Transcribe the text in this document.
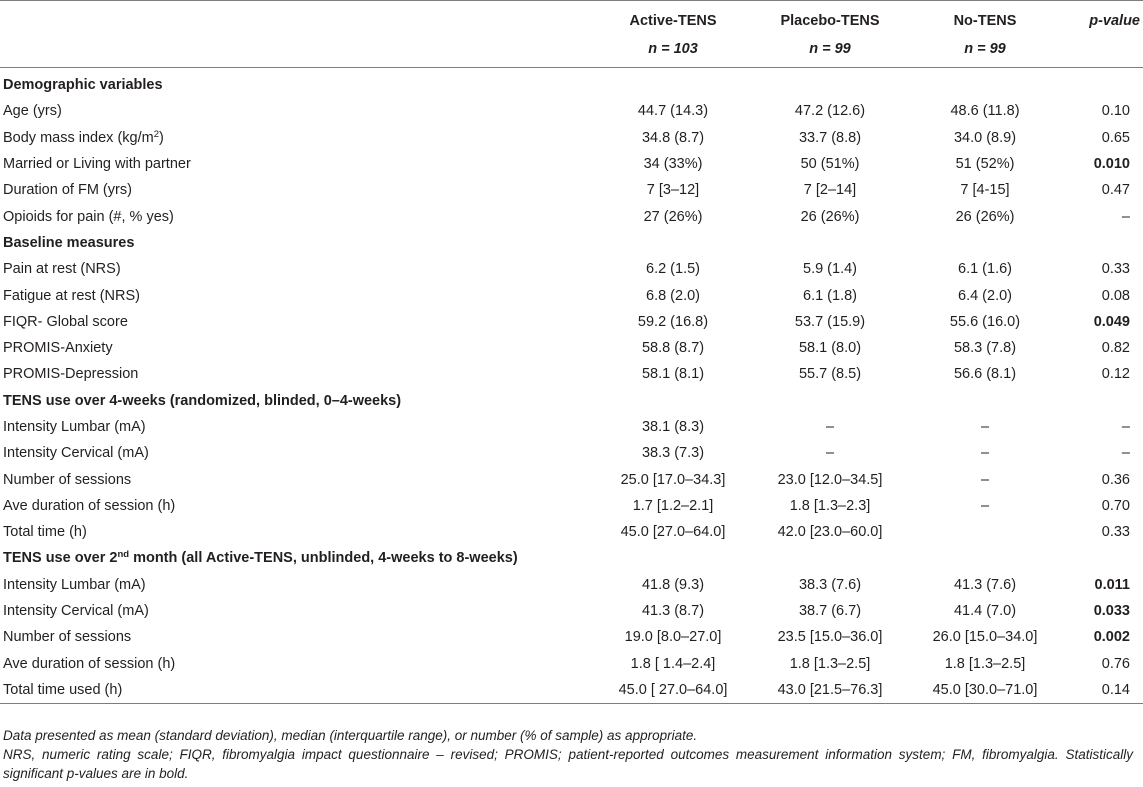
	Active-TENS	Placebo-TENS	No-TENS	p-value
	n = 103	n = 99	n = 99	
Demographic variables				
Age (yrs)	44.7 (14.3)	47.2 (12.6)	48.6 (11.8)	0.10
Body mass index $(kg/m^2)$	34.8 (8.7)	33.7 (8.8)	34.0 (8.9)	0.65
Married or Living with partner	34 (33%)	50 (51%)	51 (52%)	0.010
Duration of FM (yrs)	7 [3–12]	7 [2–14]	7 [4-15]	0.47
Opioids for pain (#, % yes)	27 (26%)	26 (26%)	26 (26%)	–
Baseline measures				
Pain at rest (NRS)	6.2 (1.5)	5.9 (1.4)	6.1 (1.6)	0.33
Fatigue at rest (NRS)	6.8 (2.0)	6.1 (1.8)	6.4 (2.0)	0.08
FIQR- Global score	59.2 (16.8)	53.7 (15.9)	55.6 (16.0)	0.049
PROMIS-Anxiety	58.8 (8.7)	58.1 (8.0)	58.3 (7.8)	0.82
PROMIS-Depression	58.1 (8.1)	55.7 (8.5)	56.6 (8.1)	0.12
TENS use over 4-weeks (randomized, blinded, 0–4-weeks)				
Intensity Lumbar (mA)	38.1 (8.3)	–	–	–
Intensity Cervical (mA)	38.3 (7.3)	–	–	–
Number of sessions	25.0 [17.0–34.3]	23.0 [12.0–34.5]	–	0.36
Ave duration of session (h)	1.7 [1.2–2.1]	1.8 [1.3–2.3]	–	0.70
Total time (h)	45.0 [27.0–64.0]	42.0 [23.0–60.0]		0.33
TENS use over 2nd month (all Active-TENS, unblinded, 4-weeks to 8-weeks)				
Intensity Lumbar (mA)	41.8 (9.3)	38.3 (7.6)	41.3 (7.6)	0.011
Intensity Cervical (mA)	41.3 (8.7)	38.7 (6.7)	41.4 (7.0)	0.033
Number of sessions	19.0 [8.0–27.0]	23.5 [15.0–36.0]	26.0 [15.0–34.0]	0.002
Ave duration of session (h)	1.8 [ 1.4–2.4]	1.8 [1.3–2.5]	1.8 [1.3–2.5]	0.76
Total time used (h)	45.0 [ 27.0–64.0]	43.0 [21.5–76.3]	45.0 [30.0–71.0]	0.14

Data presented as mean (standard deviation), median (interquartile range), or number (% of sample) as appropriate.

NRS, numeric rating scale; FIQR, fibromyalgia impact questionnaire – revised; PROMIS; patient-reported outcomes measurement information system; FM, fibromyalgia. Statistically significant p-values are in bold.
